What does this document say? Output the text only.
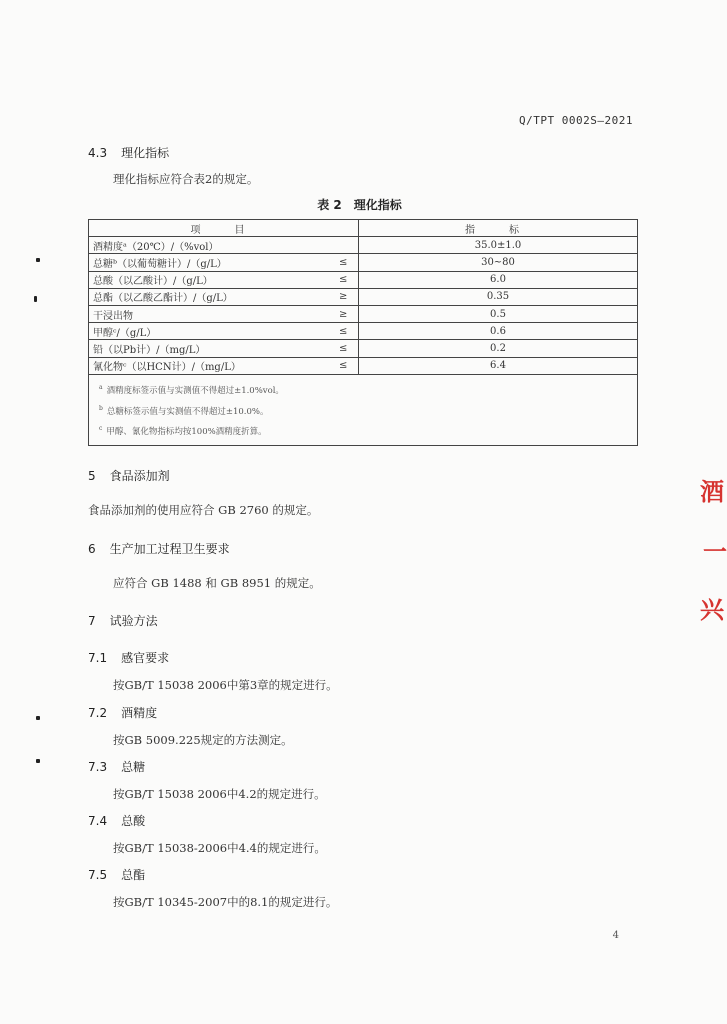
Q/TPT 0002S—2021
4.3 理化指标
理化指标应符合表2的规定。
表 2　理化指标
项　目		指　标
酒精度ᵃ（20℃）/（%vol）		35.0±1.0
总糖ᵇ（以葡萄糖计）/（g/L）	≤	30~80
总酸（以乙酸计）/（g/L）	≤	6.0
总酯（以乙酸乙酯计）/（g/L）	≥	0.35
干浸出物	≥	0.5
甲醇ᶜ/（g/L）	≤	0.6
铅（以Pb计）/（mg/L）	≤	0.2
氰化物ᶜ（以HCN计）/（mg/L）	≤	6.4

$^a$ 酒精度标签示值与实测值不得超过±1.0%vol。
$^b$ 总糖标签示值与实测值不得超过±10.0%。
$^c$ 甲醇、氰化物指标均按100%酒精度折算。		
5 食品添加剂
食品添加剂的使用应符合 GB 2760 的规定。
6 生产加工过程卫生要求
应符合 GB 1488 和 GB 8951 的规定。
7 试验方法
7.1 感官要求
按GB/T 15038 2006中第3章的规定进行。
7.2 酒精度
按GB 5009.225规定的方法测定。
7.3 总糖
按GB/T 15038 2006中4.2的规定进行。
7.4 总酸
按GB/T 15038-2006中4.4的规定进行。
7.5 总酯
按GB/T 10345-2007中的8.1的规定进行。
4
酒
一
兴
